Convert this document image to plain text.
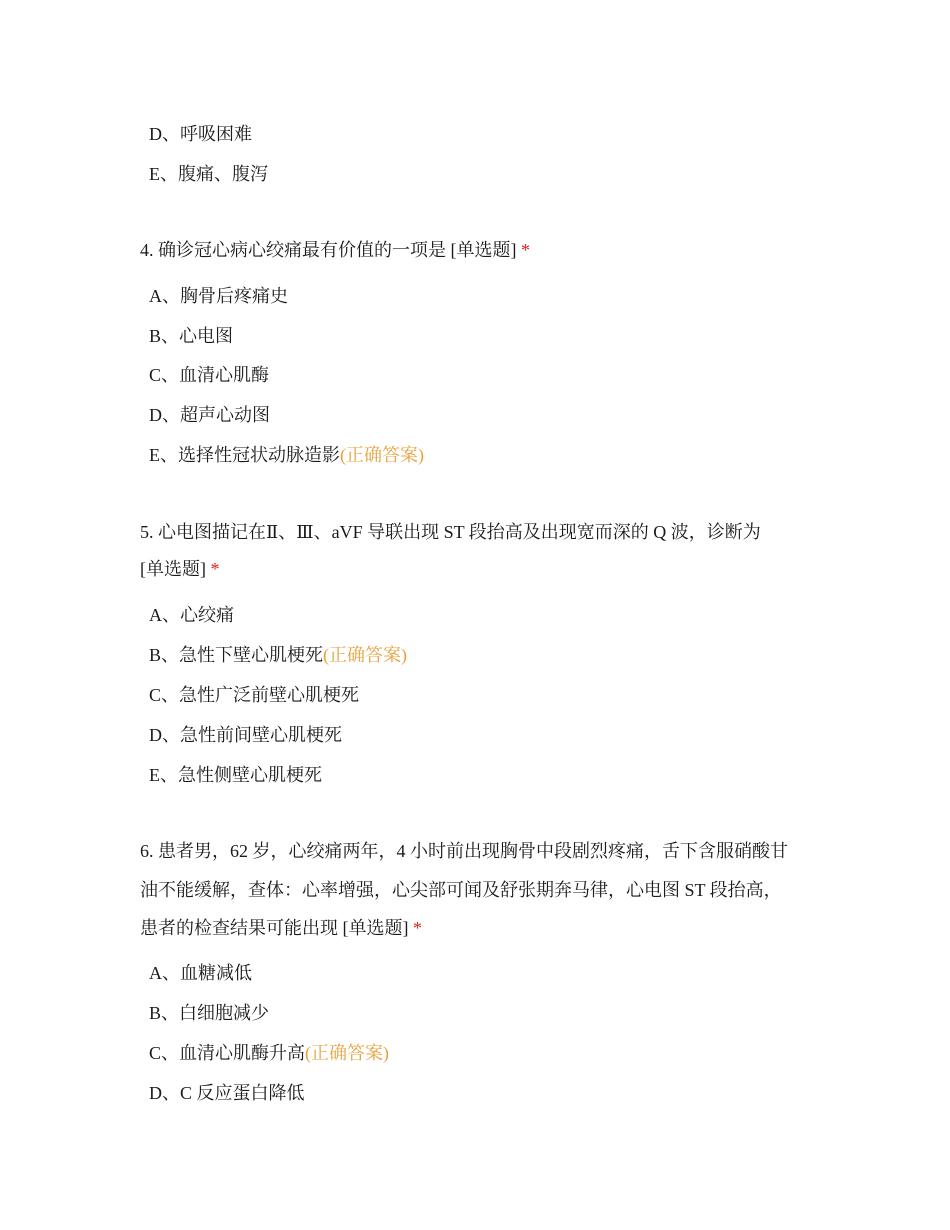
D、呼吸困难
E、腹痛、腹泻
4. 确诊冠心病心绞痛最有价值的一项是 [单选题] *
A、胸骨后疼痛史
B、心电图
C、血清心肌酶
D、超声心动图
E、选择性冠状动脉造影(正确答案)
5. 心电图描记在Ⅱ、Ⅲ、aVF 导联出现 ST 段抬高及出现宽而深的 Q 波，诊断为
[单选题] *
A、心绞痛
B、急性下壁心肌梗死(正确答案)
C、急性广泛前壁心肌梗死
D、急性前间壁心肌梗死
E、急性侧壁心肌梗死
6. 患者男，62 岁，心绞痛两年，4 小时前出现胸骨中段剧烈疼痛，舌下含服硝酸甘
油不能缓解，查体：心率增强，心尖部可闻及舒张期奔马律，心电图 ST 段抬高，
患者的检查结果可能出现 [单选题] *
A、血糖减低
B、白细胞减少
C、血清心肌酶升高(正确答案)
D、C 反应蛋白降低
